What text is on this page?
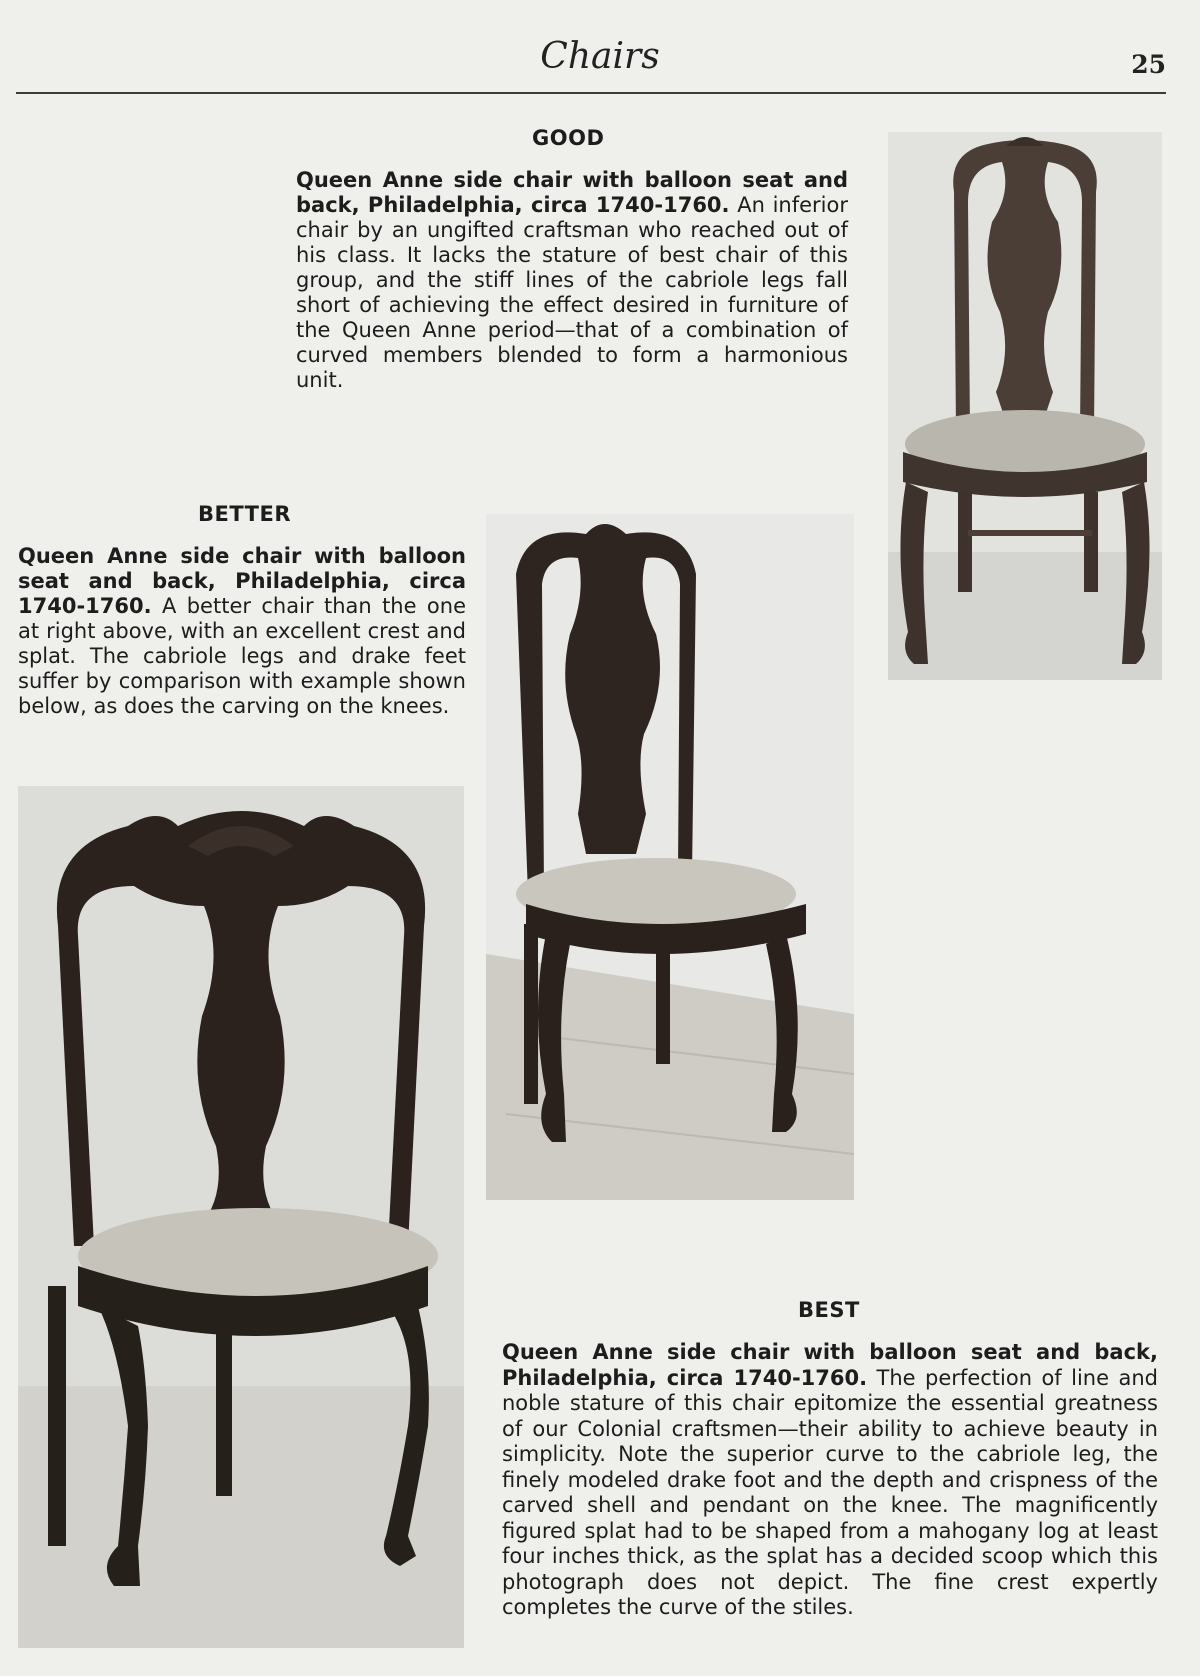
Chairs	25
GOOD
Queen Anne side chair with balloon seat and back, Philadelphia, circa 1740-1760. An inferior chair by an ungifted craftsman who reached out of his class. It lacks the stature of best chair of this group, and the stiff lines of the cabriole legs fall short of achieving the effect desired in furniture of the Queen Anne period—that of a combination of curved members blended to form a harmonious unit.
BETTER
Queen Anne side chair with balloon seat and back, Philadelphia, circa 1740-1760. A better chair than the one at right above, with an excellent crest and splat. The cabriole legs and drake feet suffer by comparison with example shown below, as does the carving on the knees.
BEST
Queen Anne side chair with balloon seat and back, Philadelphia, circa 1740-1760. The perfection of line and noble stature of this chair epitomize the essential greatness of our Colonial craftsmen—their ability to achieve beauty in simplicity. Note the superior curve to the cabriole leg, the finely modeled drake foot and the depth and crispness of the carved shell and pendant on the knee. The magnificently figured splat had to be shaped from a mahogany log at least four inches thick, as the splat has a decided scoop which this photograph does not depict. The fine crest expertly completes the curve of the stiles.
